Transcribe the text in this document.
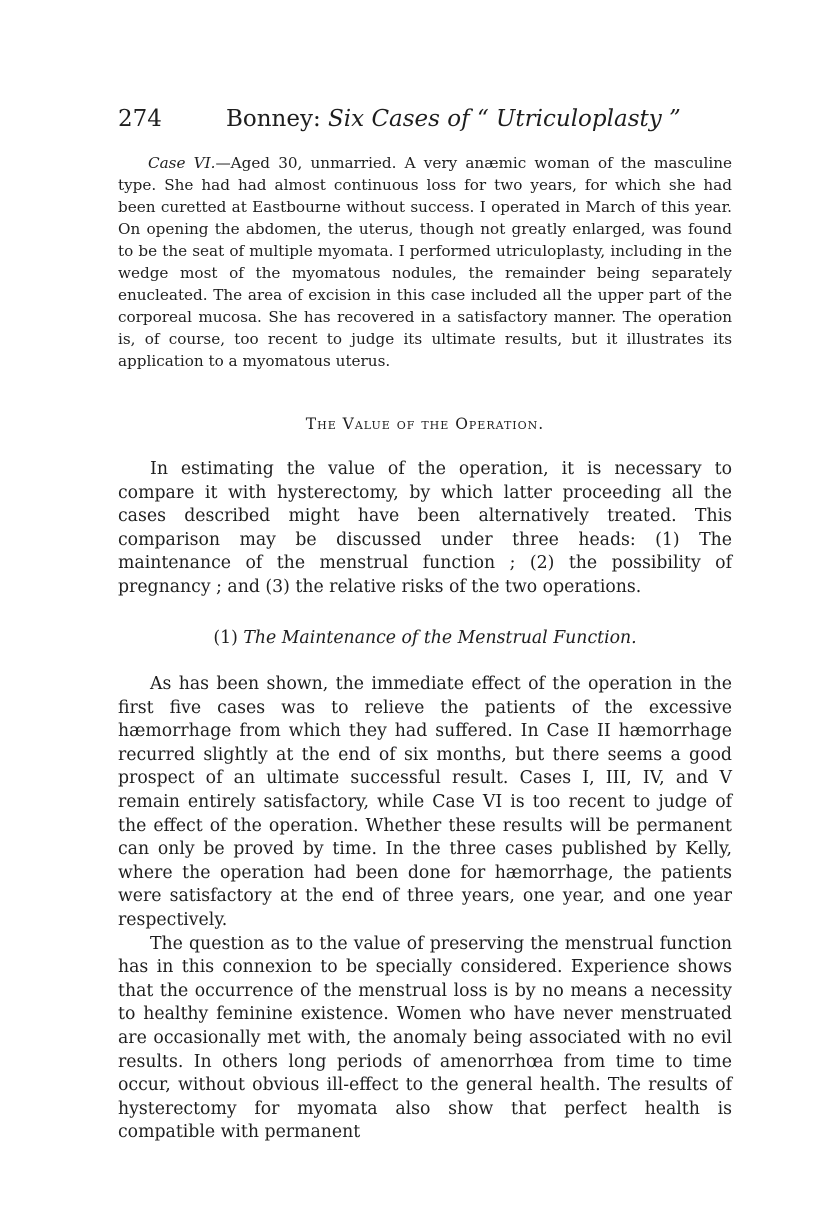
274	Bonney: Six Cases of “ Utriculoplasty ”

Case VI.—Aged 30, unmarried. A very anæmic woman of the masculine type. She had had almost continuous loss for two years, for which she had been curetted at Eastbourne without success. I operated in March of this year. On opening the abdomen, the uterus, though not greatly enlarged, was found to be the seat of multiple myomata. I performed utriculoplasty, including in the wedge most of the myomatous nodules, the remainder being separately enucleated. The area of excision in this case included all the upper part of the corporeal mucosa. She has recovered in a satisfactory manner. The operation is, of course, too recent to judge its ultimate results, but it illustrates its application to a myomatous uterus.

The Value of the Operation.

In estimating the value of the operation, it is necessary to compare it with hysterectomy, by which latter proceeding all the cases described might have been alternatively treated. This comparison may be discussed under three heads: (1) The maintenance of the menstrual function ; (2) the possibility of pregnancy ; and (3) the relative risks of the two operations.

(1) The Maintenance of the Menstrual Function.

As has been shown, the immediate effect of the operation in the first five cases was to relieve the patients of the excessive hæmorrhage from which they had suffered. In Case II hæmorrhage recurred slightly at the end of six months, but there seems a good prospect of an ultimate successful result. Cases I, III, IV, and V remain entirely satisfactory, while Case VI is too recent to judge of the effect of the operation. Whether these results will be permanent can only be proved by time. In the three cases published by Kelly, where the operation had been done for hæmorrhage, the patients were satisfactory at the end of three years, one year, and one year respectively.

The question as to the value of preserving the menstrual function has in this connexion to be specially considered. Experience shows that the occurrence of the menstrual loss is by no means a necessity to healthy feminine existence. Women who have never menstruated are occasionally met with, the anomaly being associated with no evil results. In others long periods of amenorrhœa from time to time occur, without obvious ill-effect to the general health. The results of hysterectomy for myomata also show that perfect health is compatible with permanent
